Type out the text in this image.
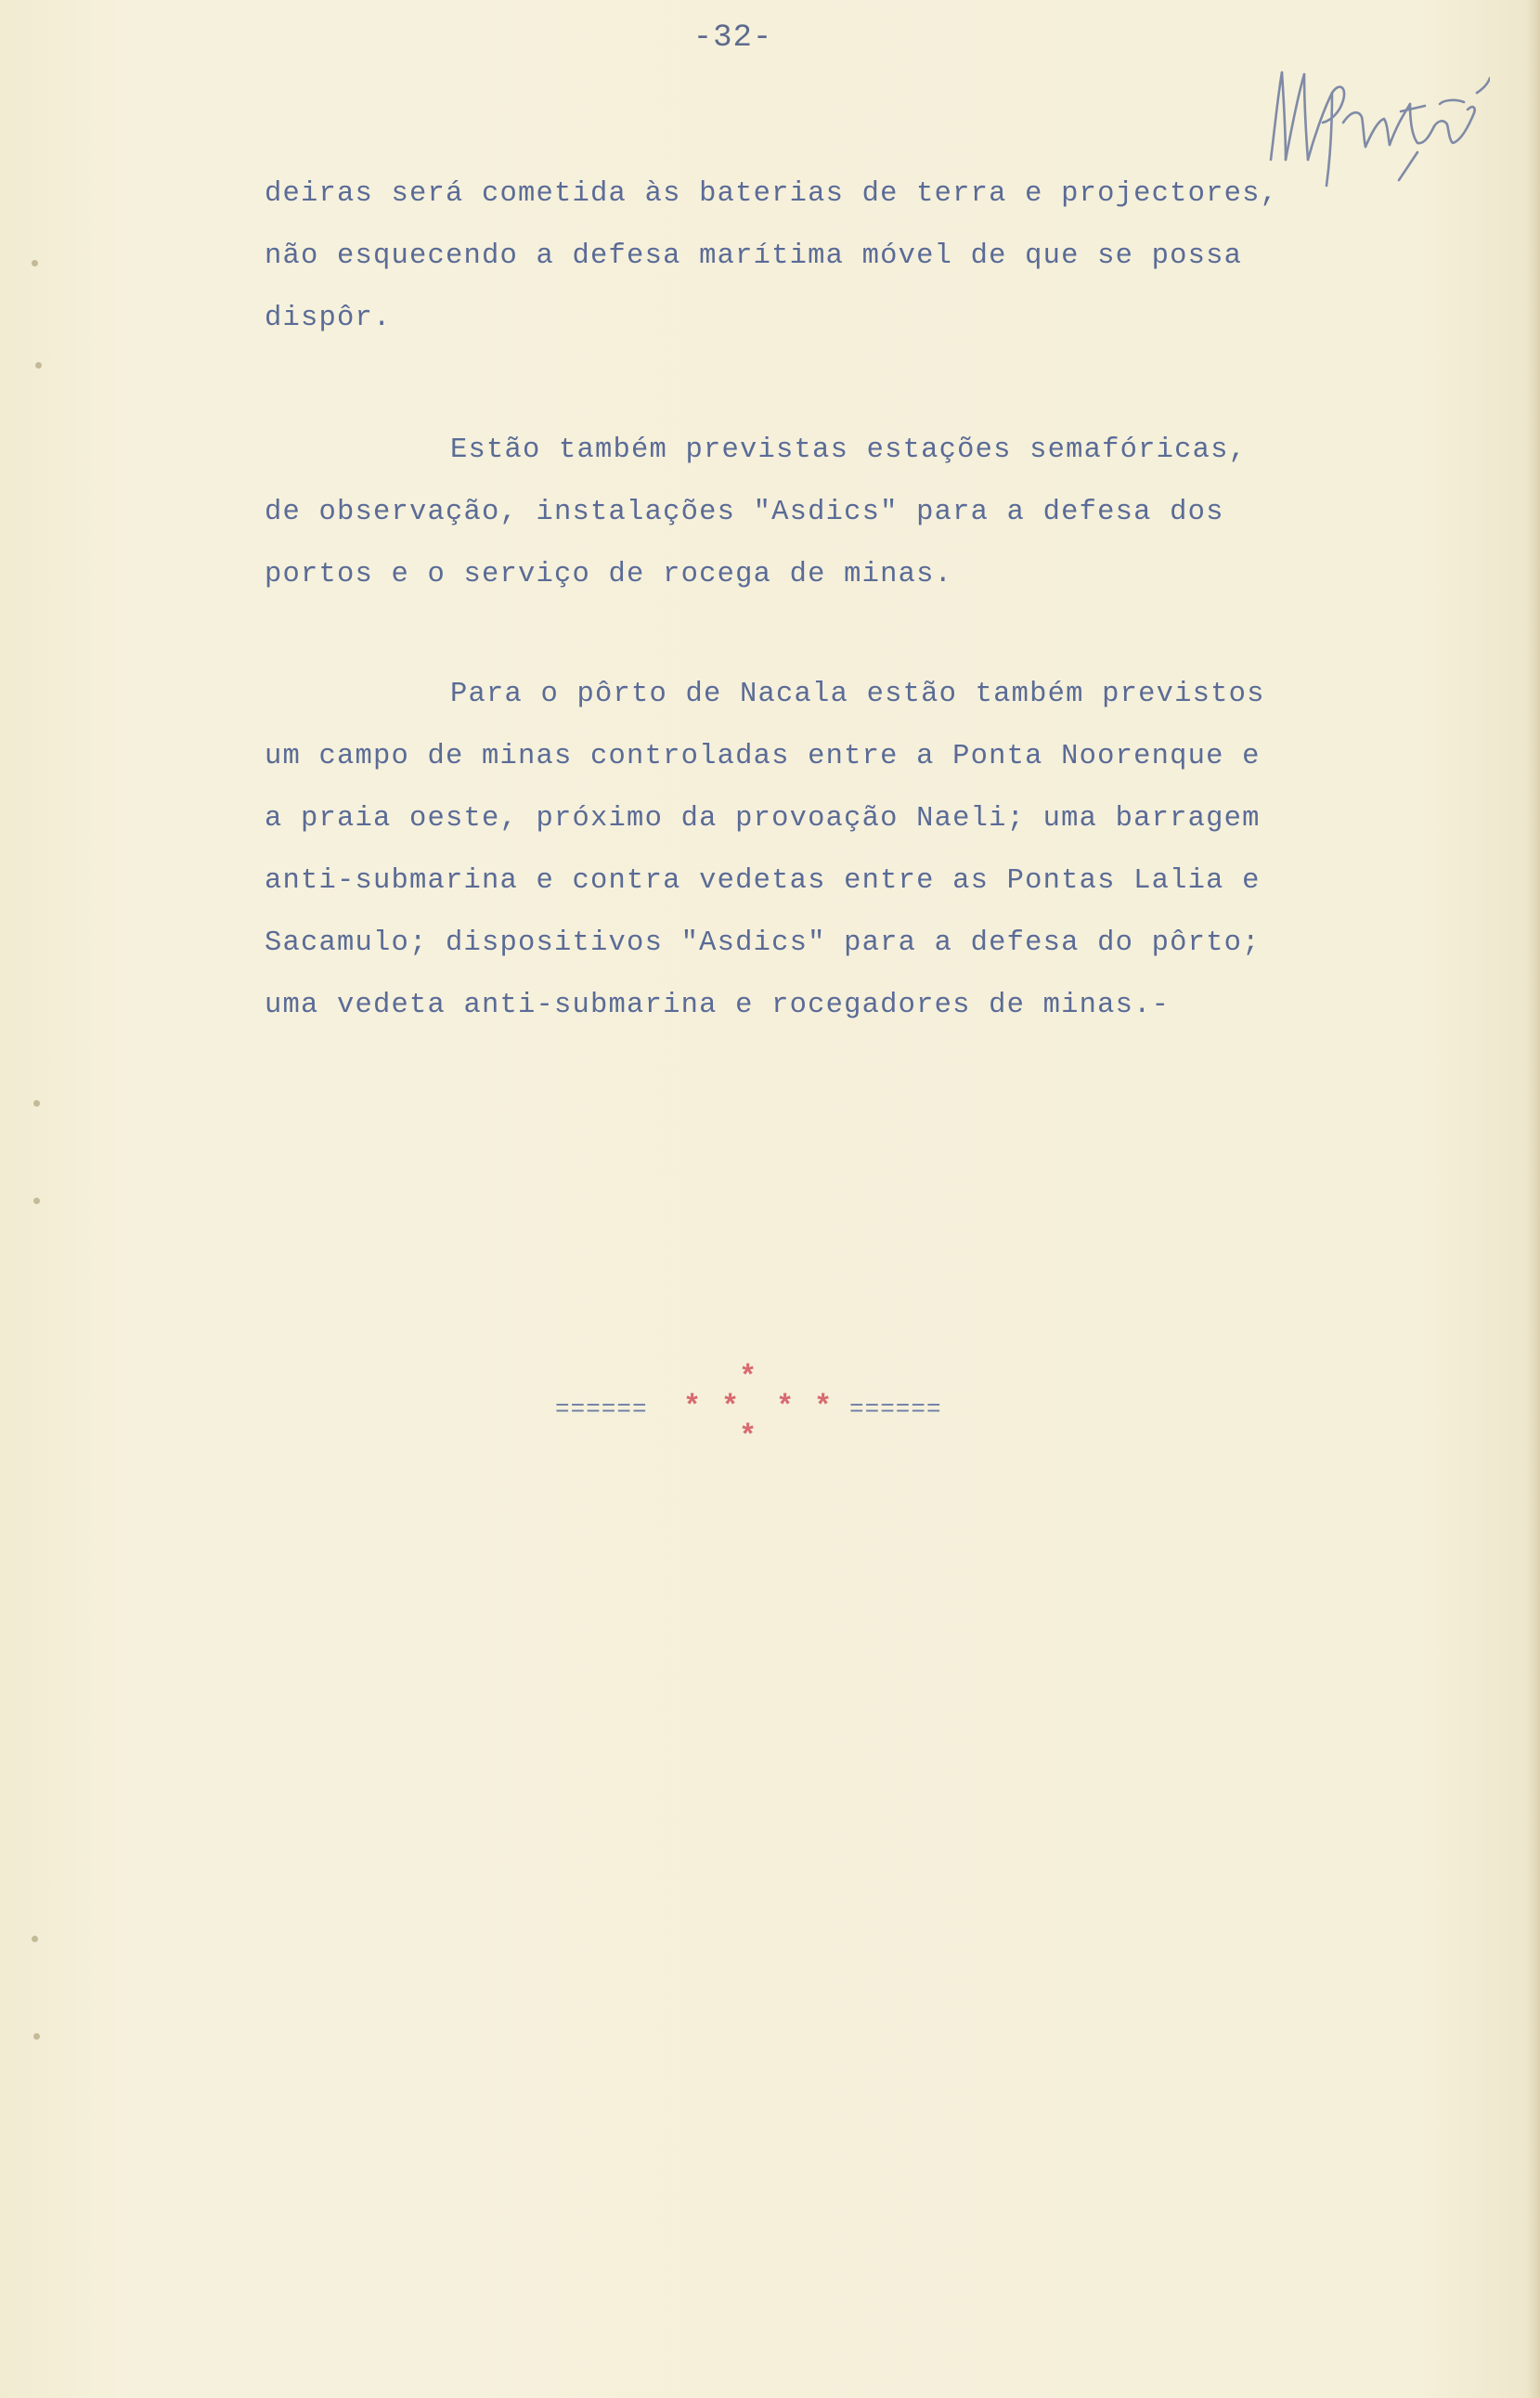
-32-
deiras será cometida às baterias de terra e projectores,
não esquecendo a defesa marítima móvel de que se possa
dispôr.
Estão também previstas estações semafóricas,
de observação, instalações "Asdics" para a defesa dos
portos e o serviço de rocega de minas.
Para o pôrto de Nacala estão também previstos
um campo de minas controladas entre a Ponta Noorenque e
a praia oeste, próximo da provoação Naeli; uma barragem
anti-submarina e contra vedetas entre as Pontas Lalia e
Sacamulo; dispositivos "Asdics" para a defesa do pôrto;
uma vedeta anti-submarina e rocegadores de minas.-
======
*
* * * *
*
======
